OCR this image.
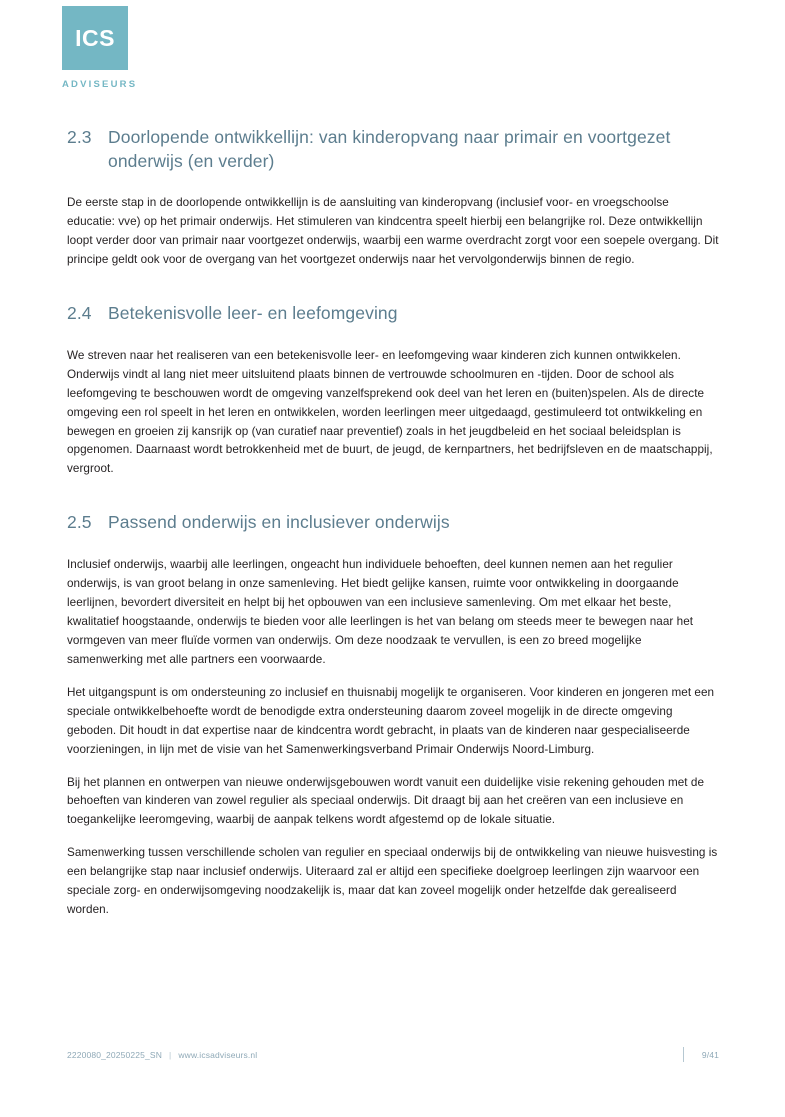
ICS
ADVISEURS
2.3 Doorlopende ontwikkellijn: van kinderopvang naar primair en voortgezet onderwijs (en verder)

De eerste stap in de doorlopende ontwikkellijn is de aansluiting van kinderopvang (inclusief voor- en vroegschoolse educatie: vve) op het primair onderwijs. Het stimuleren van kindcentra speelt hierbij een belangrijke rol. Deze ontwikkellijn loopt verder door van primair naar voortgezet onderwijs, waarbij een warme overdracht zorgt voor een soepele overgang. Dit principe geldt ook voor de overgang van het voortgezet onderwijs naar het vervolgonderwijs binnen de regio.

2.4 Betekenisvolle leer- en leefomgeving

We streven naar het realiseren van een betekenisvolle leer- en leefomgeving waar kinderen zich kunnen ontwikkelen. Onderwijs vindt al lang niet meer uitsluitend plaats binnen de vertrouwde schoolmuren en -tijden. Door de school als leefomgeving te beschouwen wordt de omgeving vanzelfsprekend ook deel van het leren en (buiten)spelen. Als de directe omgeving een rol speelt in het leren en ontwikkelen, worden leerlingen meer uitgedaagd, gestimuleerd tot ontwikkeling en bewegen en groeien zij kansrijk op (van curatief naar preventief) zoals in het jeugdbeleid en het sociaal beleidsplan is opgenomen. Daarnaast wordt betrokkenheid met de buurt, de jeugd, de kernpartners, het bedrijfsleven en de maatschappij, vergroot.

2.5 Passend onderwijs en inclusiever onderwijs

Inclusief onderwijs, waarbij alle leerlingen, ongeacht hun individuele behoeften, deel kunnen nemen aan het regulier onderwijs, is van groot belang in onze samenleving. Het biedt gelijke kansen, ruimte voor ontwikkeling in doorgaande leerlijnen, bevordert diversiteit en helpt bij het opbouwen van een inclusieve samenleving. Om met elkaar het beste, kwalitatief hoogstaande, onderwijs te bieden voor alle leerlingen is het van belang om steeds meer te bewegen naar het vormgeven van meer fluïde vormen van onderwijs. Om deze noodzaak te vervullen, is een zo breed mogelijke samenwerking met alle partners een voorwaarde.

Het uitgangspunt is om ondersteuning zo inclusief en thuisnabij mogelijk te organiseren. Voor kinderen en jongeren met een speciale ontwikkelbehoefte wordt de benodigde extra ondersteuning daarom zoveel mogelijk in de directe omgeving geboden. Dit houdt in dat expertise naar de kindcentra wordt gebracht, in plaats van de kinderen naar gespecialiseerde voorzieningen, in lijn met de visie van het Samenwerkingsverband Primair Onderwijs Noord-Limburg.

Bij het plannen en ontwerpen van nieuwe onderwijsgebouwen wordt vanuit een duidelijke visie rekening gehouden met de behoeften van kinderen van zowel regulier als speciaal onderwijs. Dit draagt bij aan het creëren van een inclusieve en toegankelijke leeromgeving, waarbij de aanpak telkens wordt afgestemd op de lokale situatie.

Samenwerking tussen verschillende scholen van regulier en speciaal onderwijs bij de ontwikkeling van nieuwe huisvesting is een belangrijke stap naar inclusief onderwijs. Uiteraard zal er altijd een specifieke doelgroep leerlingen zijn waarvoor een speciale zorg- en onderwijsomgeving noodzakelijk is, maar dat kan zoveel mogelijk onder hetzelfde dak gerealiseerd worden.

2220080_20250225_SN | www.icsadviseurs.nl	9/41
